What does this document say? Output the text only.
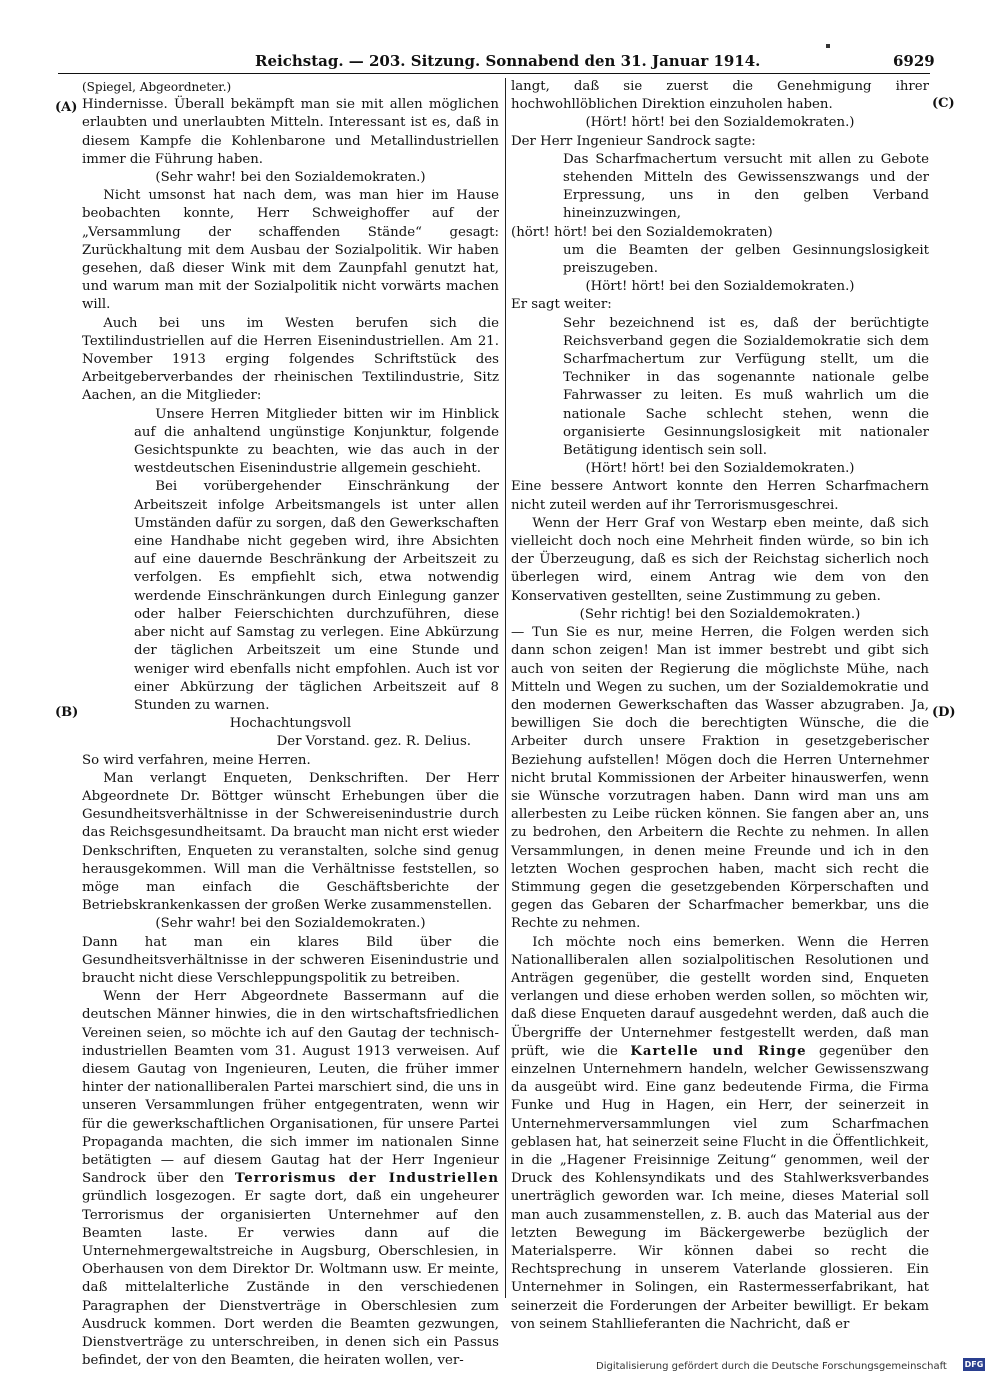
Reichstag. — 203. Sitzung. Sonnabend den 31. Januar 1914.	6929
(A)
(B)
(C)
(D)

(Spiegel, Abgeordneter.)

Hindernisse. Überall bekämpft man sie mit allen möglichen erlaubten und unerlaubten Mitteln. Interessant ist es, daß in diesem Kampfe die Kohlenbarone und Metallindustriellen immer die Führung haben.

(Sehr wahr! bei den Sozialdemokraten.)

Nicht umsonst hat nach dem, was man hier im Hause beobachten konnte, Herr Schweighoffer auf der „Versammlung der schaffenden Stände“ gesagt: Zurückhaltung mit dem Ausbau der Sozialpolitik. Wir haben gesehen, daß dieser Wink mit dem Zaunpfahl genutzt hat, und warum man mit der Sozialpolitik nicht vorwärts machen will.

Auch bei uns im Westen berufen sich die Textilindustriellen auf die Herren Eisenindustriellen. Am 21. November 1913 erging folgendes Schriftstück des Arbeitgeberverbandes der rheinischen Textilindustrie, Sitz Aachen, an die Mitglieder:

Unsere Herren Mitglieder bitten wir im Hinblick auf die anhaltend ungünstige Konjunktur, folgende Gesichtspunkte zu beachten, wie das auch in der westdeutschen Eisenindustrie allgemein geschieht.

Bei vorübergehender Einschränkung der Arbeitszeit infolge Arbeitsmangels ist unter allen Umständen dafür zu sorgen, daß den Gewerkschaften eine Handhabe nicht gegeben wird, ihre Absichten auf eine dauernde Beschränkung der Arbeitszeit zu verfolgen. Es empfiehlt sich, etwa notwendig werdende Einschränkungen durch Einlegung ganzer oder halber Feierschichten durchzuführen, diese aber nicht auf Samstag zu verlegen. Eine Abkürzung der täglichen Arbeitszeit um eine Stunde und weniger wird ebenfalls nicht empfohlen. Auch ist vor einer Abkürzung der täglichen Arbeitszeit auf 8 Stunden zu warnen.

Hochachtungsvoll

Der Vorstand. gez. R. Delius.

So wird verfahren, meine Herren.

Man verlangt Enqueten, Denkschriften. Der Herr Abgeordnete Dr. Böttger wünscht Erhebungen über die Gesundheitsverhältnisse in der Schwereisenindustrie durch das Reichsgesundheitsamt. Da braucht man nicht erst wieder Denkschriften, Enqueten zu veranstalten, solche sind genug herausgekommen. Will man die Verhältnisse feststellen, so möge man einfach die Geschäftsberichte der Betriebskrankenkassen der großen Werke zusammenstellen.

(Sehr wahr! bei den Sozialdemokraten.)

Dann hat man ein klares Bild über die Gesundheitsverhältnisse in der schweren Eisenindustrie und braucht nicht diese Verschleppungspolitik zu betreiben.

Wenn der Herr Abgeordnete Bassermann auf die deutschen Männer hinwies, die in den wirtschaftsfriedlichen Vereinen seien, so möchte ich auf den Gautag der technisch-industriellen Beamten vom 31. August 1913 verweisen. Auf diesem Gautag von Ingenieuren, Leuten, die früher immer hinter der nationalliberalen Partei marschiert sind, die uns in unseren Versammlungen früher entgegentraten, wenn wir für die gewerkschaftlichen Organisationen, für unsere Partei Propaganda machten, die sich immer im nationalen Sinne betätigten — auf diesem Gautag hat der Herr Ingenieur Sandrock über den Terrorismus der Industriellen gründlich losgezogen. Er sagte dort, daß ein ungeheurer Terrorismus der organisierten Unternehmer auf den Beamten laste. Er verwies dann auf die Unternehmergewaltstreiche in Augsburg, Oberschlesien, in Oberhausen von dem Direktor Dr. Woltmann usw. Er meinte, daß mittelalterliche Zustände in den verschiedenen Paragraphen der Dienstverträge in Oberschlesien zum Ausdruck kommen. Dort werden die Beamten gezwungen, Dienstverträge zu unterschreiben, in denen sich ein Passus befindet, der von den Beamten, die heiraten wollen, ver-

langt, daß sie zuerst die Genehmigung ihrer hochwohllöblichen Direktion einzuholen haben.

(Hört! hört! bei den Sozialdemokraten.)

Der Herr Ingenieur Sandrock sagte:

Das Scharfmachertum versucht mit allen zu Gebote stehenden Mitteln des Gewissenszwangs und der Erpressung, uns in den gelben Verband hineinzuzwingen,

(hört! hört! bei den Sozialdemokraten)

um die Beamten der gelben Gesinnungslosigkeit preiszugeben.

(Hört! hört! bei den Sozialdemokraten.)

Er sagt weiter:

Sehr bezeichnend ist es, daß der berüchtigte Reichsverband gegen die Sozialdemokratie sich dem Scharfmachertum zur Verfügung stellt, um die Techniker in das sogenannte nationale gelbe Fahrwasser zu leiten. Es muß wahrlich um die nationale Sache schlecht stehen, wenn die organisierte Gesinnungslosigkeit mit nationaler Betätigung identisch sein soll.

(Hört! hört! bei den Sozialdemokraten.)

Eine bessere Antwort konnte den Herren Scharfmachern nicht zuteil werden auf ihr Terrorismusgeschrei.

Wenn der Herr Graf von Westarp eben meinte, daß sich vielleicht doch noch eine Mehrheit finden würde, so bin ich der Überzeugung, daß es sich der Reichstag sicherlich noch überlegen wird, einem Antrag wie dem von den Konservativen gestellten, seine Zustimmung zu geben.

(Sehr richtig! bei den Sozialdemokraten.)

— Tun Sie es nur, meine Herren, die Folgen werden sich dann schon zeigen! Man ist immer bestrebt und gibt sich auch von seiten der Regierung die möglichste Mühe, nach Mitteln und Wegen zu suchen, um der Sozialdemokratie und den modernen Gewerkschaften das Wasser abzugraben. Ja, bewilligen Sie doch die berechtigten Wünsche, die die Arbeiter durch unsere Fraktion in gesetzgeberischer Beziehung aufstellen! Mögen doch die Herren Unternehmer nicht brutal Kommissionen der Arbeiter hinauswerfen, wenn sie Wünsche vorzutragen haben. Dann wird man uns am allerbesten zu Leibe rücken können. Sie fangen aber an, uns zu bedrohen, den Arbeitern die Rechte zu nehmen. In allen Versammlungen, in denen meine Freunde und ich in den letzten Wochen gesprochen haben, macht sich recht die Stimmung gegen die gesetzgebenden Körperschaften und gegen das Gebaren der Scharfmacher bemerkbar, uns die Rechte zu nehmen.

Ich möchte noch eins bemerken. Wenn die Herren Nationalliberalen allen sozialpolitischen Resolutionen und Anträgen gegenüber, die gestellt worden sind, Enqueten verlangen und diese erhoben werden sollen, so möchten wir, daß diese Enqueten darauf ausgedehnt werden, daß auch die Übergriffe der Unternehmer festgestellt werden, daß man prüft, wie die Kartelle und Ringe gegenüber den einzelnen Unternehmern handeln, welcher Gewissenszwang da ausgeübt wird. Eine ganz bedeutende Firma, die Firma Funke und Hug in Hagen, ein Herr, der seinerzeit in Unternehmerversammlungen viel zum Scharfmachen geblasen hat, hat seinerzeit seine Flucht in die Öffentlichkeit, in die „Hagener Freisinnige Zeitung“ genommen, weil der Druck des Kohlensyndikats und des Stahlwerksverbandes unerträglich geworden war. Ich meine, dieses Material soll man auch zusammenstellen, z. B. auch das Material aus der letzten Bewegung im Bäckergewerbe bezüglich der Materialsperre. Wir können dabei so recht die Rechtsprechung in unserem Vaterlande glossieren. Ein Unternehmer in Solingen, ein Rastermesserfabrikant, hat seinerzeit die Forderungen der Arbeiter bewilligt. Er bekam von seinem Stahllieferanten die Nachricht, daß er

Digitalisierung gefördert durch die Deutsche Forschungsgemeinschaft DFG
